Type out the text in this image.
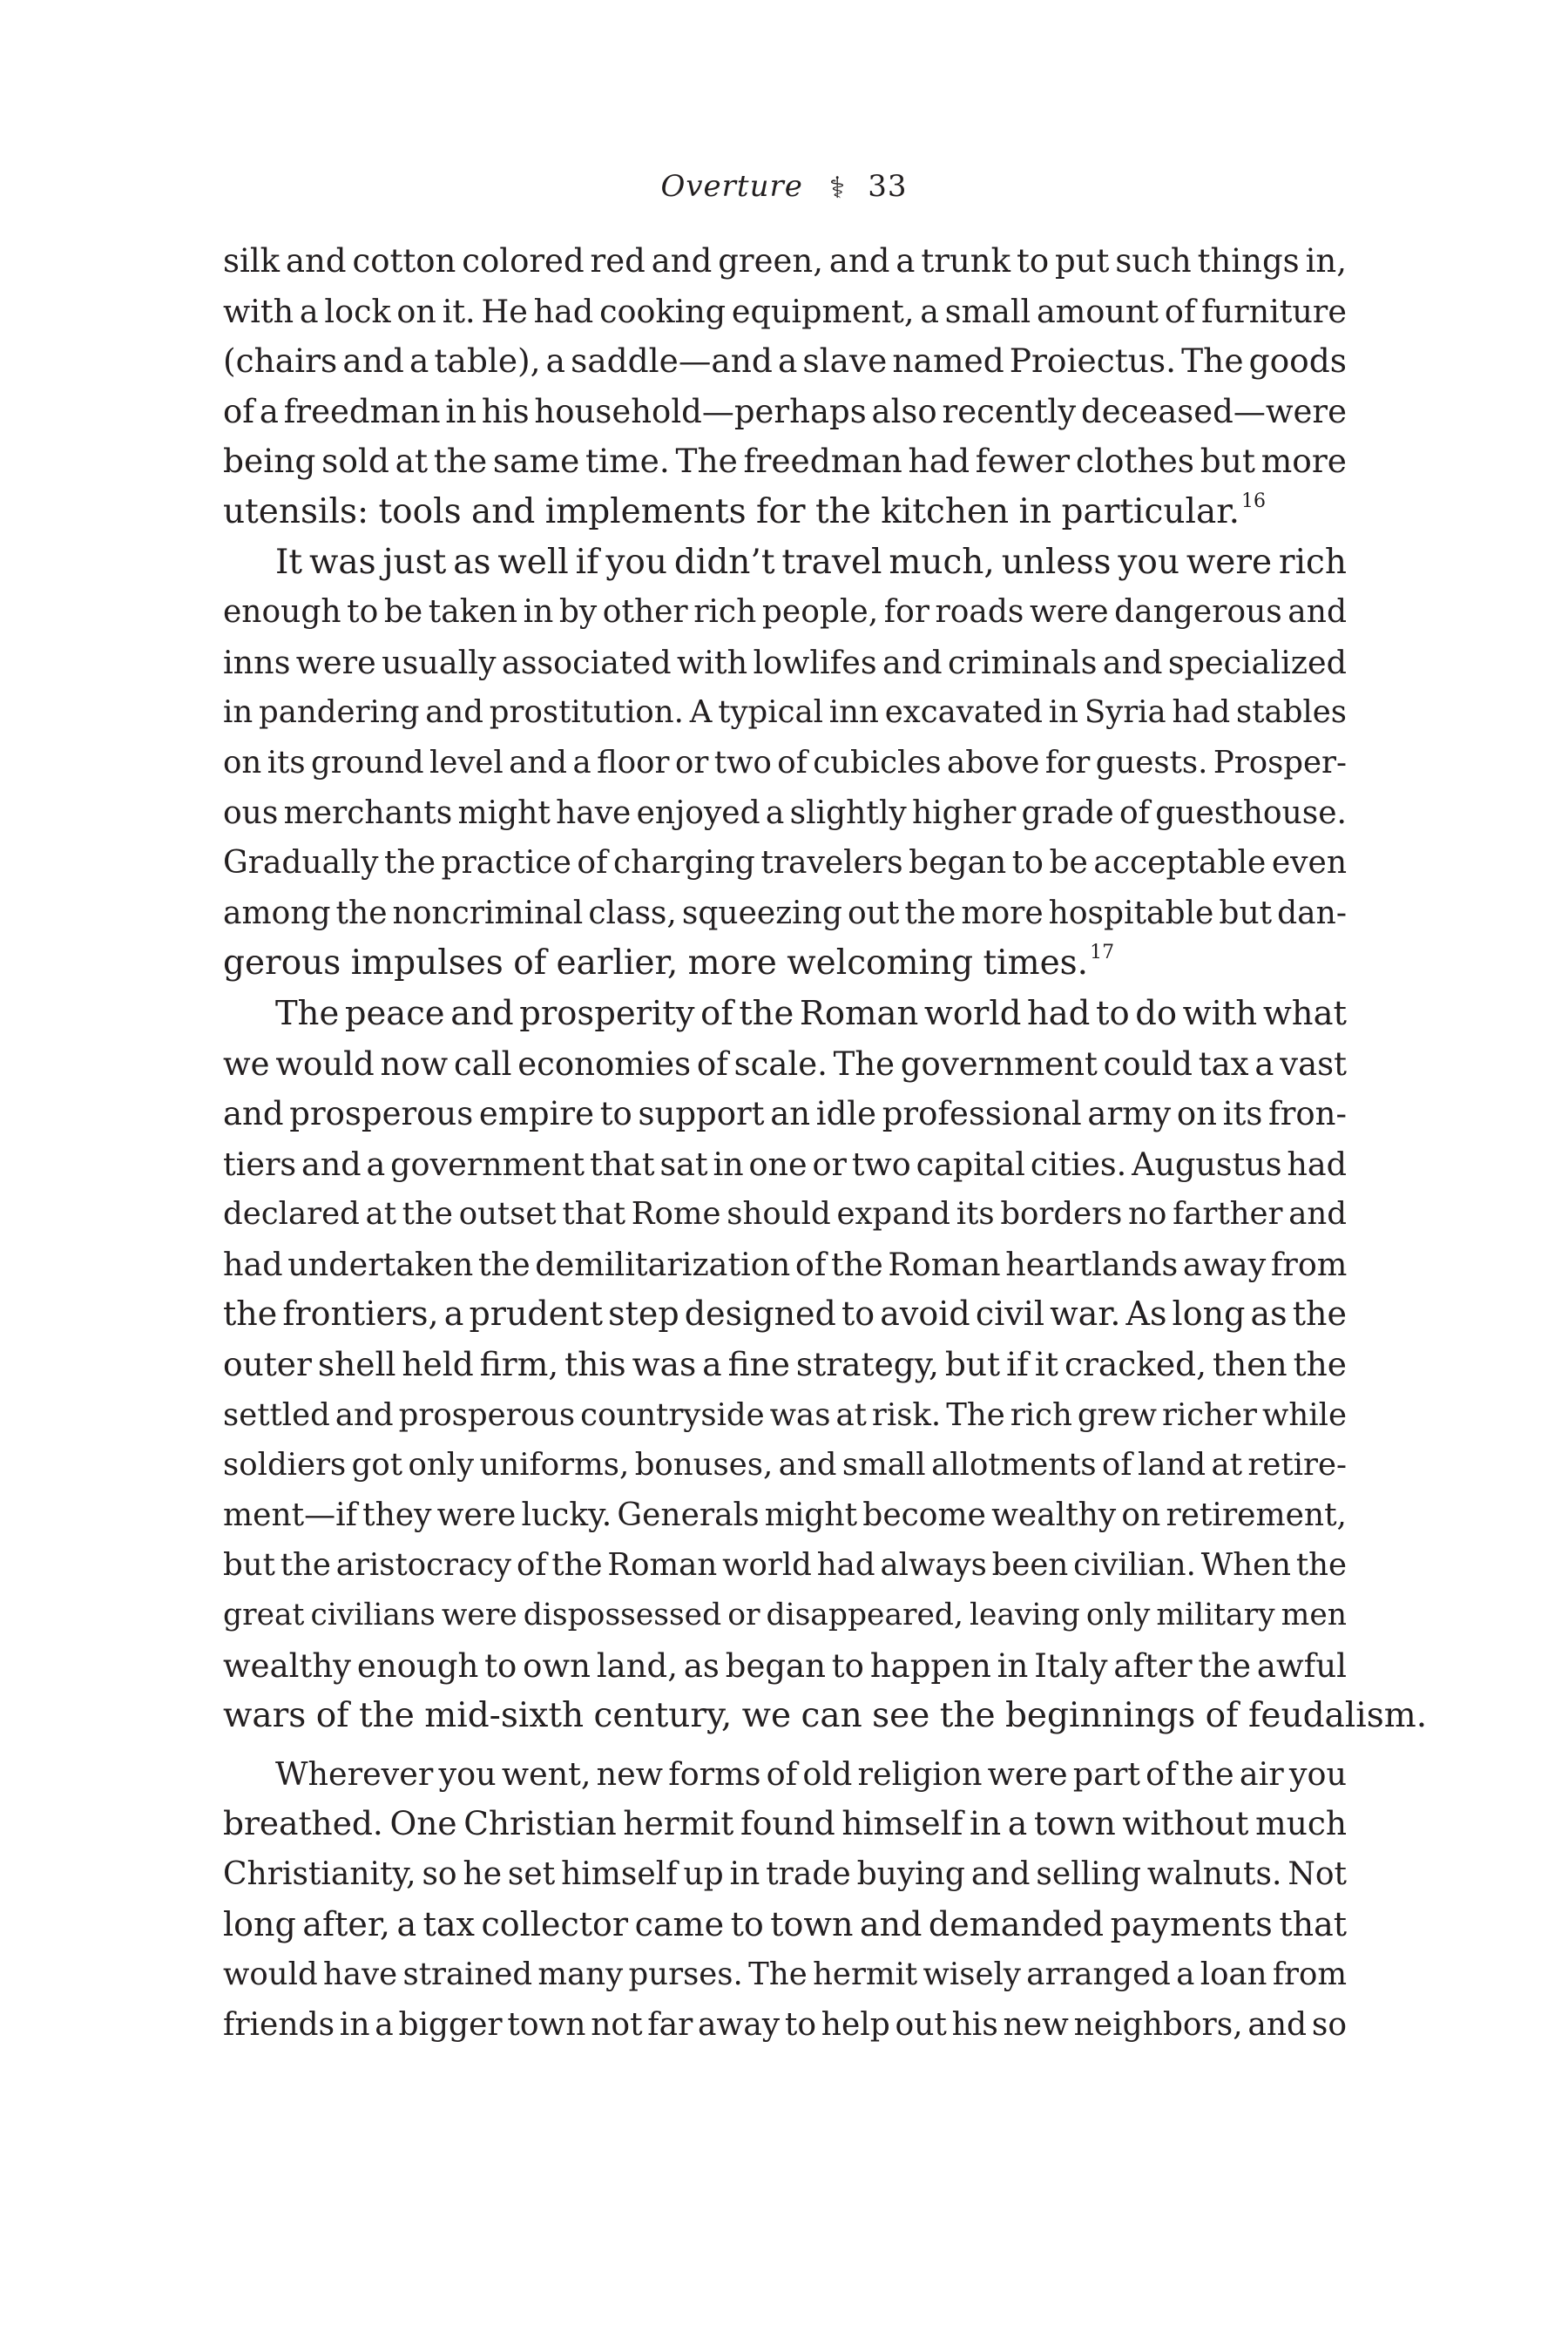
Overture ⚕ 33

silk and cotton colored red and green, and a trunk to put such things in,
with a lock on it. He had cooking equipment, a small amount of furniture
(chairs and a table), a saddle—and a slave named Proiectus. The goods
of a freedman in his household—perhaps also recently deceased—were
being sold at the same time. The freedman had fewer clothes but more
utensils: tools and implements for the kitchen in particular.$^{16}$

It was just as well if you didn’t travel much, unless you were rich
enough to be taken in by other rich people, for roads were dangerous and
inns were usually associated with lowlifes and criminals and specialized
in pandering and prostitution. A typical inn excavated in Syria had stables
on its ground level and a floor or two of cubicles above for guests. Prosper-
ous merchants might have enjoyed a slightly higher grade of guesthouse.
Gradually the practice of charging travelers began to be acceptable even
among the noncriminal class, squeezing out the more hospitable but dan-
gerous impulses of earlier, more welcoming times.$^{17}$

The peace and prosperity of the Roman world had to do with what
we would now call economies of scale. The government could tax a vast
and prosperous empire to support an idle professional army on its fron-
tiers and a government that sat in one or two capital cities. Augustus had
declared at the outset that Rome should expand its borders no farther and
had undertaken the demilitarization of the Roman heartlands away from
the frontiers, a prudent step designed to avoid civil war. As long as the
outer shell held firm, this was a fine strategy, but if it cracked, then the
settled and prosperous countryside was at risk. The rich grew richer while
soldiers got only uniforms, bonuses, and small allotments of land at retire-
ment—if they were lucky. Generals might become wealthy on retirement,
but the aristocracy of the Roman world had always been civilian. When the
great civilians were dispossessed or disappeared, leaving only military men
wealthy enough to own land, as began to happen in Italy after the awful
wars of the mid-sixth century, we can see the beginnings of feudalism.

Wherever you went, new forms of old religion were part of the air you
breathed. One Christian hermit found himself in a town without much
Christianity, so he set himself up in trade buying and selling walnuts. Not
long after, a tax collector came to town and demanded payments that
would have strained many purses. The hermit wisely arranged a loan from
friends in a bigger town not far away to help out his new neighbors, and so
